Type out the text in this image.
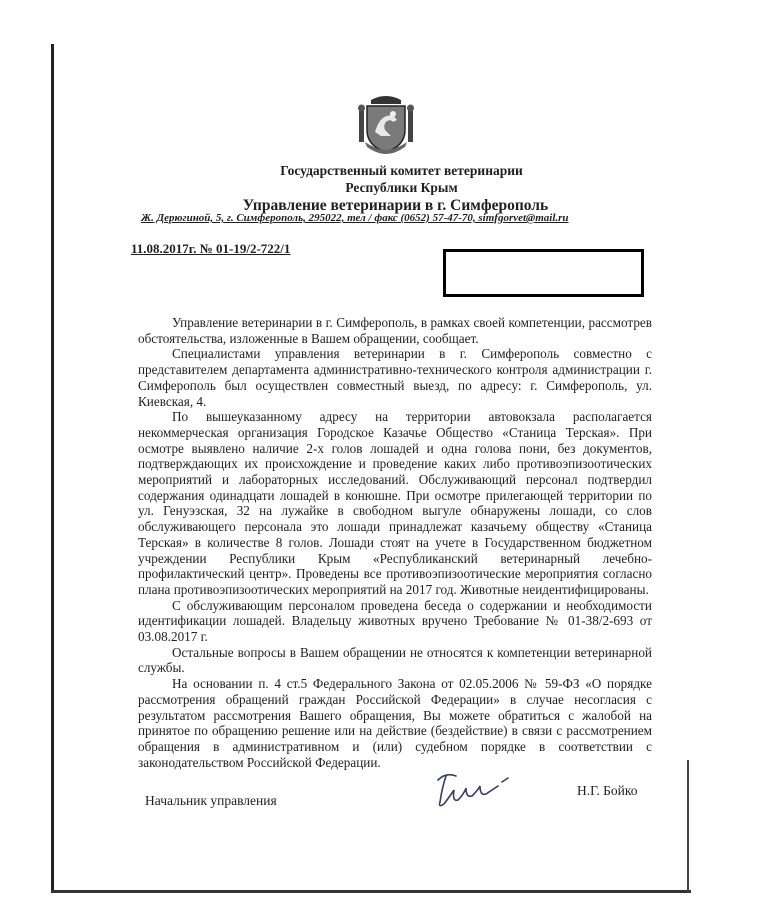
Государственный комитет ветеринарии
Республики Крым
Управление ветеринарии в г. Симферополь
Ж. Дерюгиной, 5, г. Симферополь, 295022, тел / факс (0652) 57-47-70, simfgorvet@mail.ru
11.08.2017г. № 01-19/2-722/1

Управление ветеринарии в г. Симферополь, в рамках своей компетенции, рассмотрев обстоятельства, изложенные в Вашем обращении, сообщает.

Специалистами управления ветеринарии в г. Симферополь совместно с представителем департамента административно-технического контроля администрации г. Симферополь был осуществлен совместный выезд, по адресу: г. Симферополь, ул. Киевская, 4.

По вышеуказанному адресу на территории автовокзала располагается некоммерческая организация Городское Казачье Общество «Станица Терская». При осмотре выявлено наличие 2-х голов лошадей и одна голова пони, без документов, подтверждающих их происхождение и проведение каких либо противоэпизоотических мероприятий и лабораторных исследований. Обслуживающий персонал подтвердил содержания одинадцати лошадей в конюшне. При осмотре прилегающей территории по ул. Генуэзская, 32 на лужайке в свободном выгуле обнаружены лошади, со слов обслуживающего персонала это лошади принадлежат казачьему обществу «Станица Терская» в количестве 8 голов. Лошади стоят на учете в Государственном бюджетном учреждении Республики Крым «Республиканский ветеринарный лечебно-профилактический центр». Проведены все противоэпизоотические мероприятия согласно плана противоэпизоотических мероприятий на 2017 год. Животные неидентифицированы.

С обслуживающим персоналом проведена беседа о содержании и необходимости идентификации лошадей. Владельцу животных вручено Требование № 01-38/2-693 от 03.08.2017 г.

Остальные вопросы в Вашем обращении не относятся к компетенции ветеринарной службы.

На основании п. 4 ст.5 Федерального Закона от 02.05.2006 № 59-ФЗ «О порядке рассмотрения обращений граждан Российской Федерации» в случае несогласия с результатом рассмотрения Вашего обращения, Вы можете обратиться с жалобой на принятое по обращению решение или на действие (бездействие) в связи с рассмотрением обращения в административном и (или) судебном порядке в соответствии с законодательством Российской Федерации.

Начальник управления
Н.Г. Бойко
